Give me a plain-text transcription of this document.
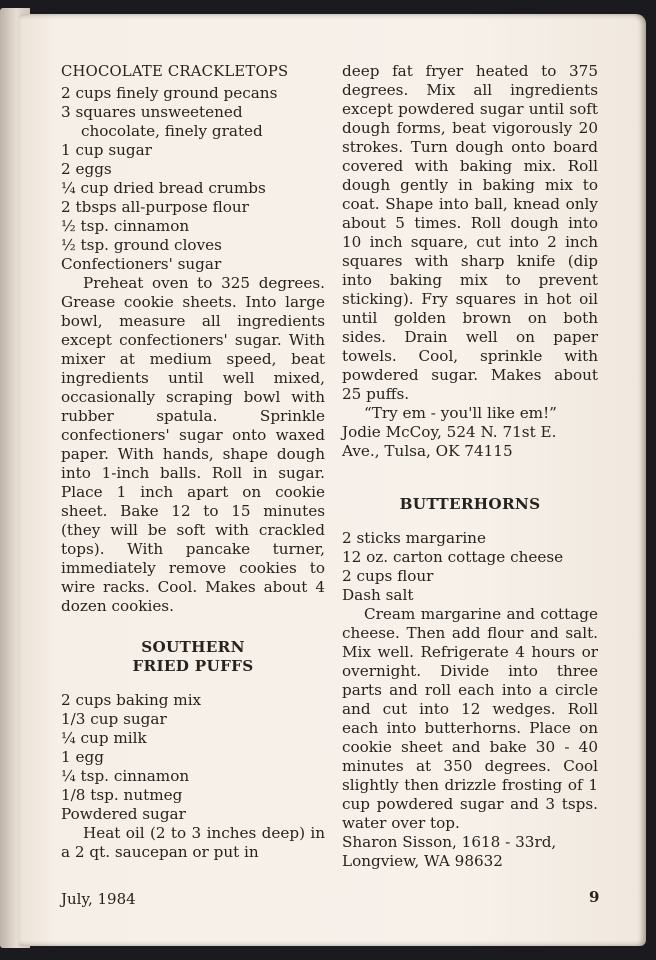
CHOCOLATE CRACKLETOPS
2 cups finely ground pecans
3 squares unsweetened
chocolate, finely grated
1 cup sugar
2 eggs
¼ cup dried bread crumbs
2 tbsps all-purpose flour
½ tsp. cinnamon
½ tsp. ground cloves
Confectioners' sugar

Preheat oven to 325 degrees. Grease cookie sheets. Into large bowl, measure all ingredients except confectioners' sugar. With mixer at medium speed, beat ingredients until well mixed, occasionally scraping bowl with rubber spatula. Sprinkle confectioners' sugar onto waxed paper. With hands, shape dough into 1-inch balls. Roll in sugar. Place 1 inch apart on cookie sheet. Bake 12 to 15 minutes (they will be soft with crackled tops). With pancake turner, immediately remove cookies to wire racks. Cool. Makes about 4 dozen cookies.

SOUTHERN
FRIED PUFFS
2 cups baking mix
1/3 cup sugar
¼ cup milk
1 egg
¼ tsp. cinnamon
1/8 tsp. nutmeg
Powdered sugar

Heat oil (2 to 3 inches deep) in a 2 qt. saucepan or put in

deep fat fryer heated to 375 degrees. Mix all ingredients except powdered sugar until soft dough forms, beat vigorously 20 strokes. Turn dough onto board covered with baking mix. Roll dough gently in baking mix to coat. Shape into ball, knead only about 5 times. Roll dough into 10 inch square, cut into 2 inch squares with sharp knife (dip into baking mix to prevent sticking). Fry squares in hot oil until golden brown on both sides. Drain well on paper towels. Cool, sprinkle with powdered sugar. Makes about 25 puffs.

“Try em - you'll like em!”

Jodie McCoy, 524 N. 71st E.

Ave., Tulsa, OK 74115

BUTTERHORNS
2 sticks margarine
12 oz. carton cottage cheese
2 cups flour
Dash salt

Cream margarine and cottage cheese. Then add flour and salt. Mix well. Refrigerate 4 hours or overnight. Divide into three parts and roll each into a circle and cut into 12 wedges. Roll each into butterhorns. Place on cookie sheet and bake 30 - 40 minutes at 350 degrees. Cool slightly then drizzle frosting of 1 cup powdered sugar and 3 tsps. water over top.

Sharon Sisson, 1618 - 33rd,

Longview, WA 98632

July, 1984	9
